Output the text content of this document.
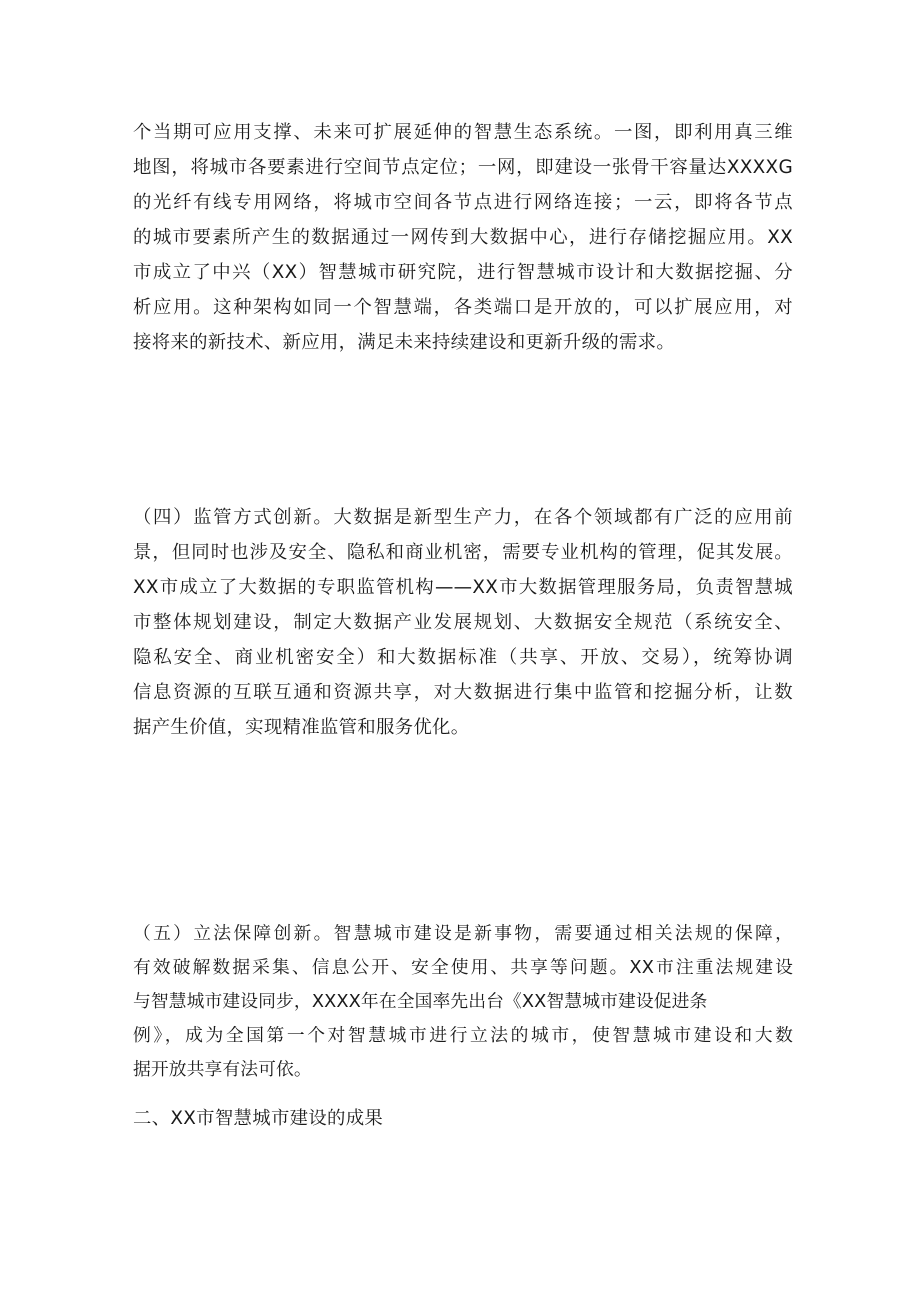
个当期可应用支撑、未来可扩展延伸的智慧生态系统。一图，即利用真三维
地图，将城市各要素进行空间节点定位；一网，即建设一张骨干容量达XXXXG
的光纤有线专用网络，将城市空间各节点进行网络连接；一云，即将各节点
的城市要素所产生的数据通过一网传到大数据中心，进行存储挖掘应用。XX
市成立了中兴（XX）智慧城市研究院，进行智慧城市设计和大数据挖掘、分
析应用。这种架构如同一个智慧端，各类端口是开放的，可以扩展应用，对
接将来的新技术、新应用，满足未来持续建设和更新升级的需求。
（四）监管方式创新。大数据是新型生产力，在各个领域都有广泛的应用前
景，但同时也涉及安全、隐私和商业机密，需要专业机构的管理，促其发展。
XX市成立了大数据的专职监管机构——XX市大数据管理服务局，负责智慧城
市整体规划建设，制定大数据产业发展规划、大数据安全规范（系统安全、
隐私安全、商业机密安全）和大数据标准（共享、开放、交易），统筹协调
信息资源的互联互通和资源共享，对大数据进行集中监管和挖掘分析，让数
据产生价值，实现精准监管和服务优化。
（五）立法保障创新。智慧城市建设是新事物，需要通过相关法规的保障，
有效破解数据采集、信息公开、安全使用、共享等问题。XX市注重法规建设
与智慧城市建设同步，XXXX年在全国率先出台《XX智慧城市建设促进条
例》，成为全国第一个对智慧城市进行立法的城市，使智慧城市建设和大数
据开放共享有法可依。
二、XX市智慧城市建设的成果
